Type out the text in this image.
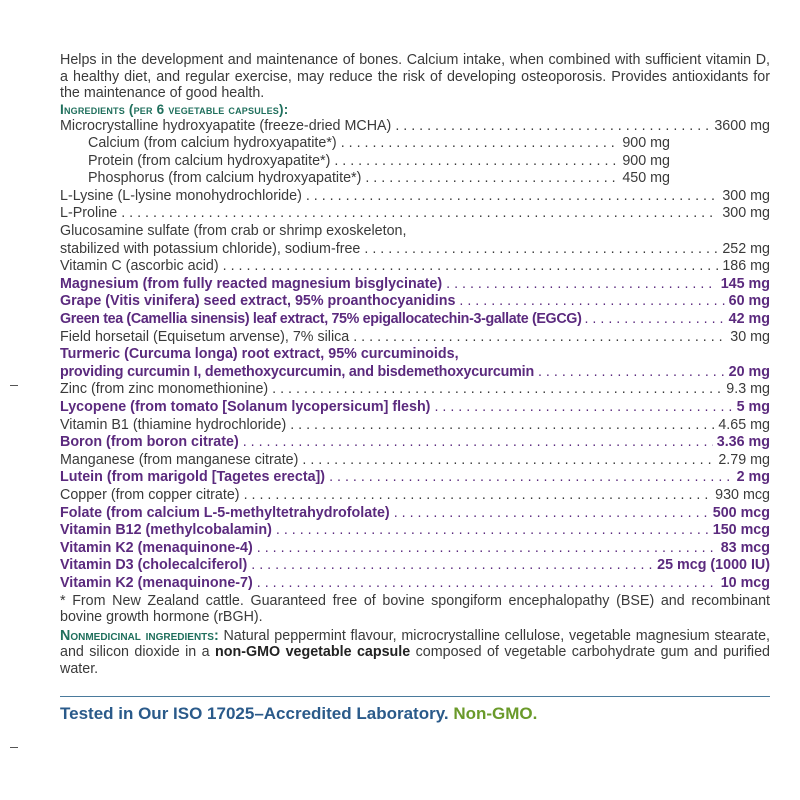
Helps in the development and maintenance of bones. Calcium intake, when combined with sufficient vitamin D, a healthy diet, and regular exercise, may reduce the risk of developing osteoporosis. Provides antioxidants for the maintenance of good health.

Ingredients (per 6 vegetable capsules):
Microcrystalline hydroxyapatite (freeze-dried MCHA) . . .	3600 mg
Calcium (from calcium hydroxyapatite*) . . .	900 mg
Protein (from calcium hydroxyapatite*) . . .	900 mg
Phosphorus (from calcium hydroxyapatite*) . . .	450 mg
L-Lysine (L-lysine monohydrochloride) . . .	300 mg
L-Proline . . .	300 mg
Glucosamine sulfate (from crab or shrimp exoskeleton,
stabilized with potassium chloride), sodium-free . . .	252 mg
Vitamin C (ascorbic acid) . . .	186 mg
Magnesium (from fully reacted magnesium bisglycinate) . . .	145 mg
Grape (Vitis vinifera) seed extract, 95% proanthocyanidins . . .	60 mg
Green tea (Camellia sinensis) leaf extract, 75% epigallocatechin-3-gallate (EGCG) . . .	42 mg
Field horsetail (Equisetum arvense), 7% silica . . .	30 mg
Turmeric (Curcuma longa) root extract, 95% curcuminoids,
providing curcumin I, demethoxycurcumin, and bisdemethoxycurcumin . . .	20 mg
Zinc (from zinc monomethionine) . . .	9.3 mg
Lycopene (from tomato [Solanum lycopersicum] flesh) . . .	5 mg
Vitamin B1 (thiamine hydrochloride) . . .	4.65 mg
Boron (from boron citrate) . . .	3.36 mg
Manganese (from manganese citrate) . . .	2.79 mg
Lutein (from marigold [Tagetes erecta]) . . .	2 mg
Copper (from copper citrate) . . .	930 mcg
Folate (from calcium L-5-methyltetrahydrofolate) . . .	500 mcg
Vitamin B12 (methylcobalamin) . . .	150 mcg
Vitamin K2 (menaquinone-4) . . .	83 mcg
Vitamin D3 (cholecalciferol) . . .	25 mcg (1000 IU)
Vitamin K2 (menaquinone-7) . . .	10 mcg
* From New Zealand cattle. Guaranteed free of bovine spongiform encephalopathy (BSE) and recombinant bovine growth hormone (rBGH).
Nonmedicinal ingredients: Natural peppermint flavour, microcrystalline cellulose, vegetable magnesium stearate, and silicon dioxide in a non-GMO vegetable capsule composed of vegetable carbohydrate gum and purified water.
Tested in Our ISO 17025–Accredited Laboratory. Non-GMO.
